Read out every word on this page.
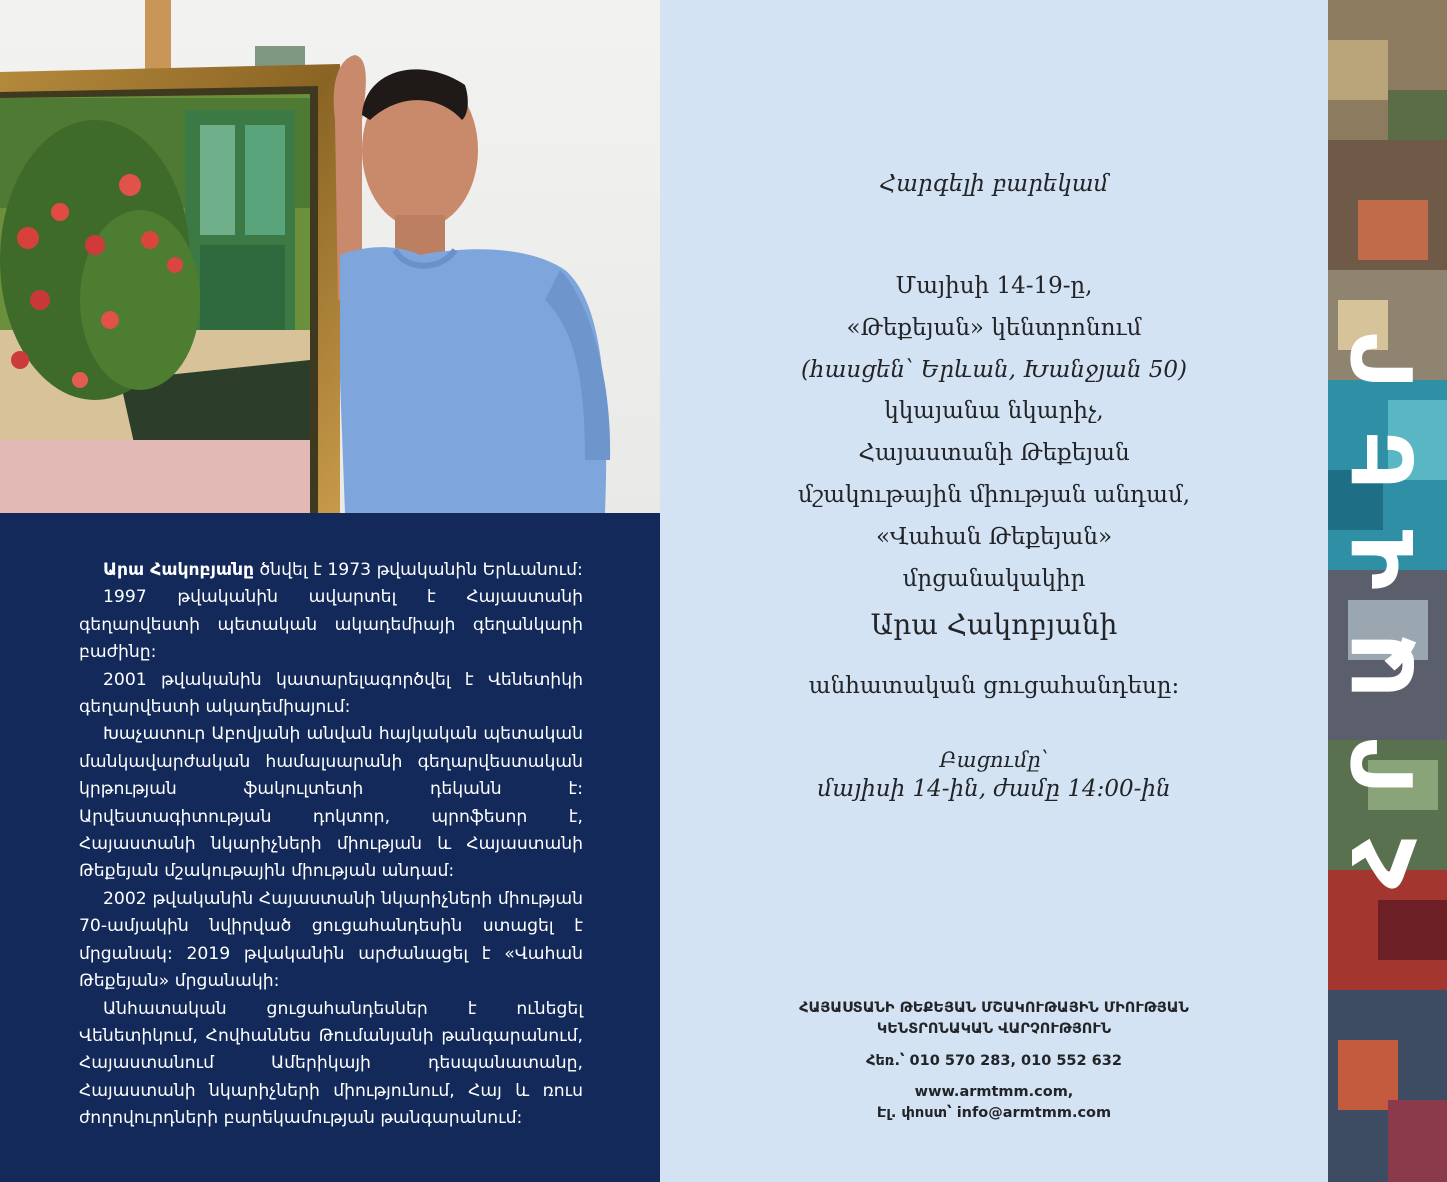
Արա Հակոբյանը ծնվել է 1973 թվականին Երևանում:

1997 թվականին ավարտել է Հայաստանի գեղարվեստի պետական ակադեմիայի գեղանկարի բաժինը:

2001 թվականին կատարելագործվել է Վենետիկի գեղարվեստի ակադեմիայում:

Խաչատուր Աբովյանի անվան հայկական պետական մանկավարժական համալսարանի գեղարվեստական կրթության ֆակուլտետի դեկանն է: Արվեստագիտության դոկտոր, պրոֆեսոր է, Հայաստանի նկարիչների միության և Հայաստանի Թեքեյան մշակութային միության անդամ:

2002 թվականին Հայաստանի նկարիչների միության 70-ամյակին նվիրված ցուցահանդեսին ստացել է մրցանակ: 2019 թվականին արժանացել է «Վահան Թեքեյան» մրցանակի:

Անհատական ցուցահանդեսներ է ունեցել Վենետիկում, Հովհաննես Թումանյանի թանգարանում, Հայաստանում Ամերիկայի դեսպանատանը, Հայաստանի նկարիչների միությունում, Հայ և ռուս ժողովուրդների բարեկամության թանգարանում:

Հարգելի բարեկամ
Մայիսի 14-19-ը,
«Թեքեյան» կենտրոնում
(հասցեն՝ Երևան, Խանջյան 50)
կկայանա նկարիչ,
Հայաստանի Թեքեյան
մշակութային միության անդամ,
«Վահան Թեքեյան»
մրցանակակիր
Արա Հակոբյանի
անհատական ցուցահանդեսը:
Բացումը՝
մայիսի 14-ին, ժամը 14:00-ին
ՀԱՅԱՍՏԱՆԻ ԹԵՔԵՅԱՆ ՄՇԱԿՈՒԹԱՅԻՆ ՄԻՈՒԹՅԱՆ
ԿԵՆՏՐՈՆԱԿԱՆ ՎԱՐՉՈՒԹՅՈՒՆ
Հեռ.՝ 010 570 283, 010 552 632
www.armtmm.com,
Էլ. փոստ՝ info@armtmm.com
ՀՐԱՎԵՐ
